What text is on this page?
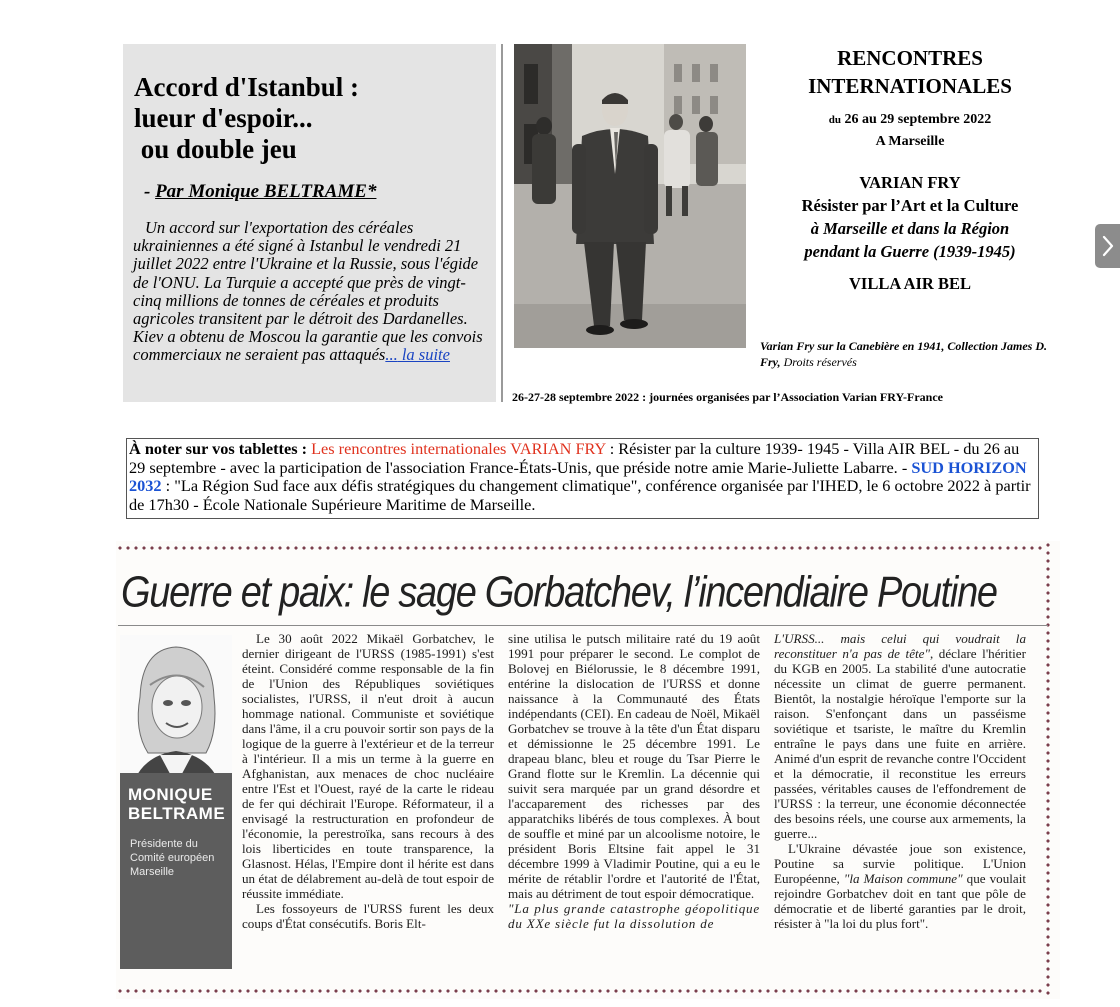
Accord d'Istanbul :
lueur d'espoir...
ou double jeu
- Par Monique BELTRAME*

Un accord sur l'exportation des céréales ukrainiennes a été signé à Istanbul le vendredi 21 juillet 2022 entre l'Ukraine et la Russie, sous l'égide de l'ONU. La Turquie a accepté que près de vingt-cinq millions de tonnes de céréales et produits agricoles transitent par le détroit des Dardanelles. Kiev a obtenu de Moscou la garantie que les convois commerciaux ne seraient pas attaqués... la suite

RENCONTRES
INTERNATIONALES
du 26 au 29 septembre 2022
A Marseille
VARIAN FRY
Résister par l’Art et la Culture
à Marseille et dans la Région
pendant la Guerre (1939-1945)
VILLA AIR BEL
Varian Fry sur la Canebière en 1941, Collection James D. Fry, Droits réservés
26-27-28 septembre 2022 : journées organisées par l’Association Varian FRY-France
À noter sur vos tablettes : Les rencontres internationales VARIAN FRY : Résister par la culture 1939- 1945 - Villa AIR BEL - du 26 au 29 septembre - avec la participation de l'association France-États-Unis, que préside notre amie Marie-Juliette Labarre. - SUD HORIZON 2032 : "La Région Sud face aux défis stratégiques du changement climatique", conférence organisée par l'IHED, le 6 octobre 2022 à partir de 17h30 - École Nationale Supérieure Maritime de Marseille.
Guerre et paix: le sage Gorbatchev, l’incendiaire Poutine
MONIQUE
BELTRAME
Présidente du Comité européen Marseille

Le 30 août 2022 Mikaël Gorbatchev, le dernier dirigeant de l'URSS (1985-1991) s'est éteint. Considéré comme responsable de la fin de l'Union des Républiques soviétiques socialistes, l'URSS, il n'eut droit à aucun hommage national. Communiste et soviétique dans l'âme, il a cru pouvoir sortir son pays de la logique de la guerre à l'extérieur et de la terreur à l'intérieur. Il a mis un terme à la guerre en Afghanistan, aux menaces de choc nucléaire entre l'Est et l'Ouest, rayé de la carte le rideau de fer qui déchirait l'Europe. Réformateur, il a envisagé la restructuration en profondeur de l'économie, la perestroïka, sans recours à des lois liberticides en toute transparence, la Glasnost. Hélas, l'Empire dont il hérite est dans un état de délabrement au-delà de tout espoir de réussite immédiate.

Les fossoyeurs de l'URSS furent les deux coups d'État consécutifs. Boris Elt-

sine utilisa le putsch militaire raté du 19 août 1991 pour préparer le second. Le complot de Bolovej en Biélorussie, le 8 décembre 1991, entérine la dislocation de l'URSS et donne naissance à la Communauté des États indépendants (CEI). En cadeau de Noël, Mikaël Gorbatchev se trouve à la tête d'un État disparu et démissionne le 25 décembre 1991. Le drapeau blanc, bleu et rouge du Tsar Pierre le Grand flotte sur le Kremlin. La décennie qui suivit sera marquée par un grand désordre et l'accaparement des richesses par des apparatchiks libérés de tous complexes. À bout de souffle et miné par un alcoolisme notoire, le président Boris Eltsine fait appel le 31 décembre 1999 à Vladimir Poutine, qui a eu le mérite de rétablir l'ordre et l'autorité de l'État, mais au détriment de tout espoir démocratique.

"La plus grande catastrophe géopolitique du XXe siècle fut la dissolution de

L'URSS... mais celui qui voudrait la reconstituer n'a pas de tête", déclare l'héritier du KGB en 2005. La stabilité d'une autocratie nécessite un climat de guerre permanent. Bientôt, la nostalgie héroïque l'emporte sur la raison. S'enfonçant dans un passéisme soviétique et tsariste, le maître du Kremlin entraîne le pays dans une fuite en arrière. Animé d'un esprit de revanche contre l'Occident et la démocratie, il reconstitue les erreurs passées, véritables causes de l'effondrement de l'URSS : la terreur, une économie déconnectée des besoins réels, une course aux armements, la guerre...

L'Ukraine dévastée joue son existence, Poutine sa survie politique. L'Union Européenne, "la Maison commune" que voulait rejoindre Gorbatchev doit en tant que pôle de démocratie et de liberté garanties par le droit, résister à "la loi du plus fort".
